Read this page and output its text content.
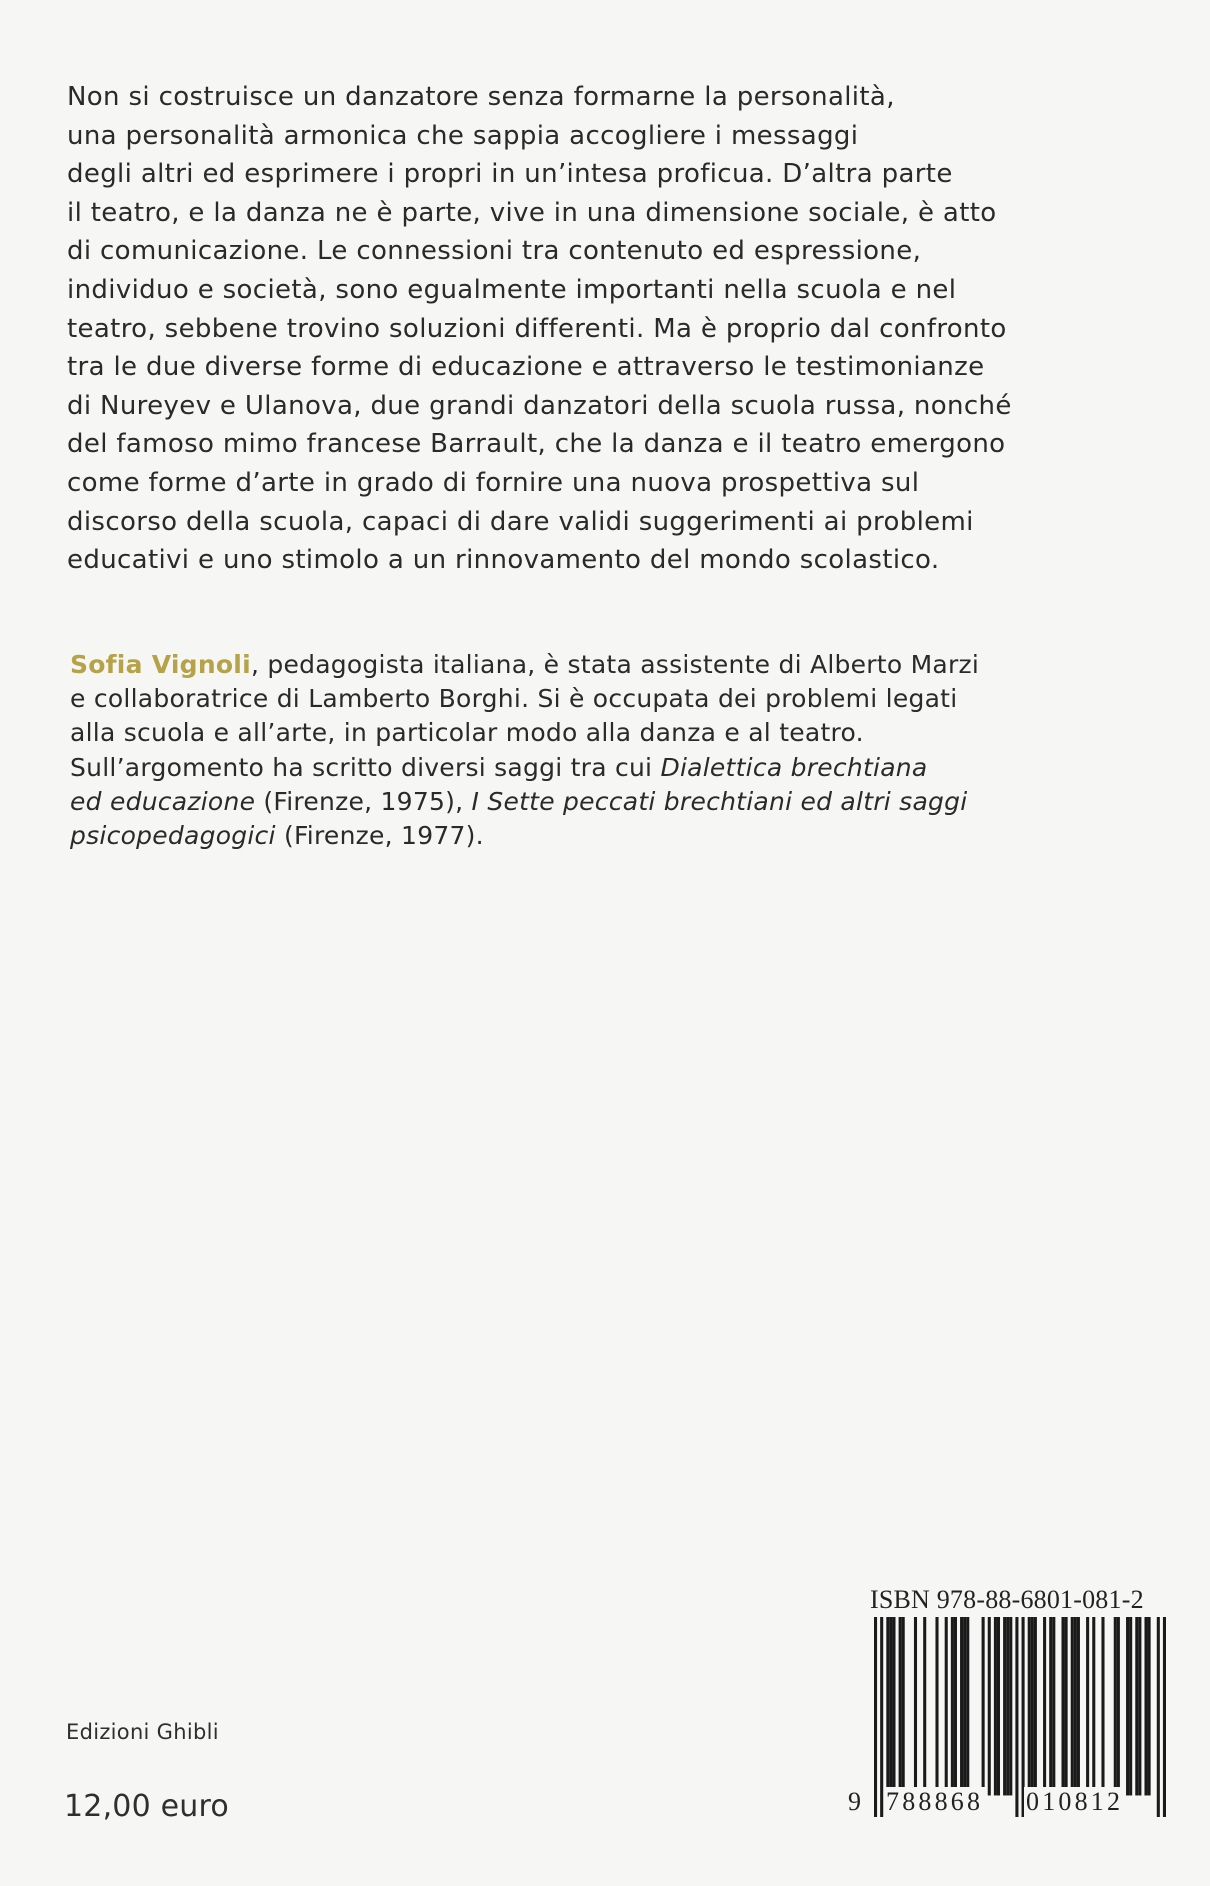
Non si costruisce un danzatore senza formarne la personalità,
una personalità armonica che sappia accogliere i messaggi
degli altri ed esprimere i propri in un’intesa proficua. D’altra parte
il teatro, e la danza ne è parte, vive in una dimensione sociale, è atto
di comunicazione. Le connessioni tra contenuto ed espressione,
individuo e società, sono egualmente importanti nella scuola e nel
teatro, sebbene trovino soluzioni differenti. Ma è proprio dal confronto
tra le due diverse forme di educazione e attraverso le testimonianze
di Nureyev e Ulanova, due grandi danzatori della scuola russa, nonché
del famoso mimo francese Barrault, che la danza e il teatro emergono
come forme d’arte in grado di fornire una nuova prospettiva sul
discorso della scuola, capaci di dare validi suggerimenti ai problemi
educativi e uno stimolo a un rinnovamento del mondo scolastico.
Sofia Vignoli, pedagogista italiana, è stata assistente di Alberto Marzi
e collaboratrice di Lamberto Borghi. Si è occupata dei problemi legati
alla scuola e all’arte, in particolar modo alla danza e al teatro.
Sull’argomento ha scritto diversi saggi tra cui Dialettica brechtiana
ed educazione (Firenze, 1975), I Sette peccati brechtiani ed altri saggi
psicopedagogici (Firenze, 1977).
ISBN 978-88-6801-081-2
9 788868 010812
Edizioni Ghibli
12,00 euro
